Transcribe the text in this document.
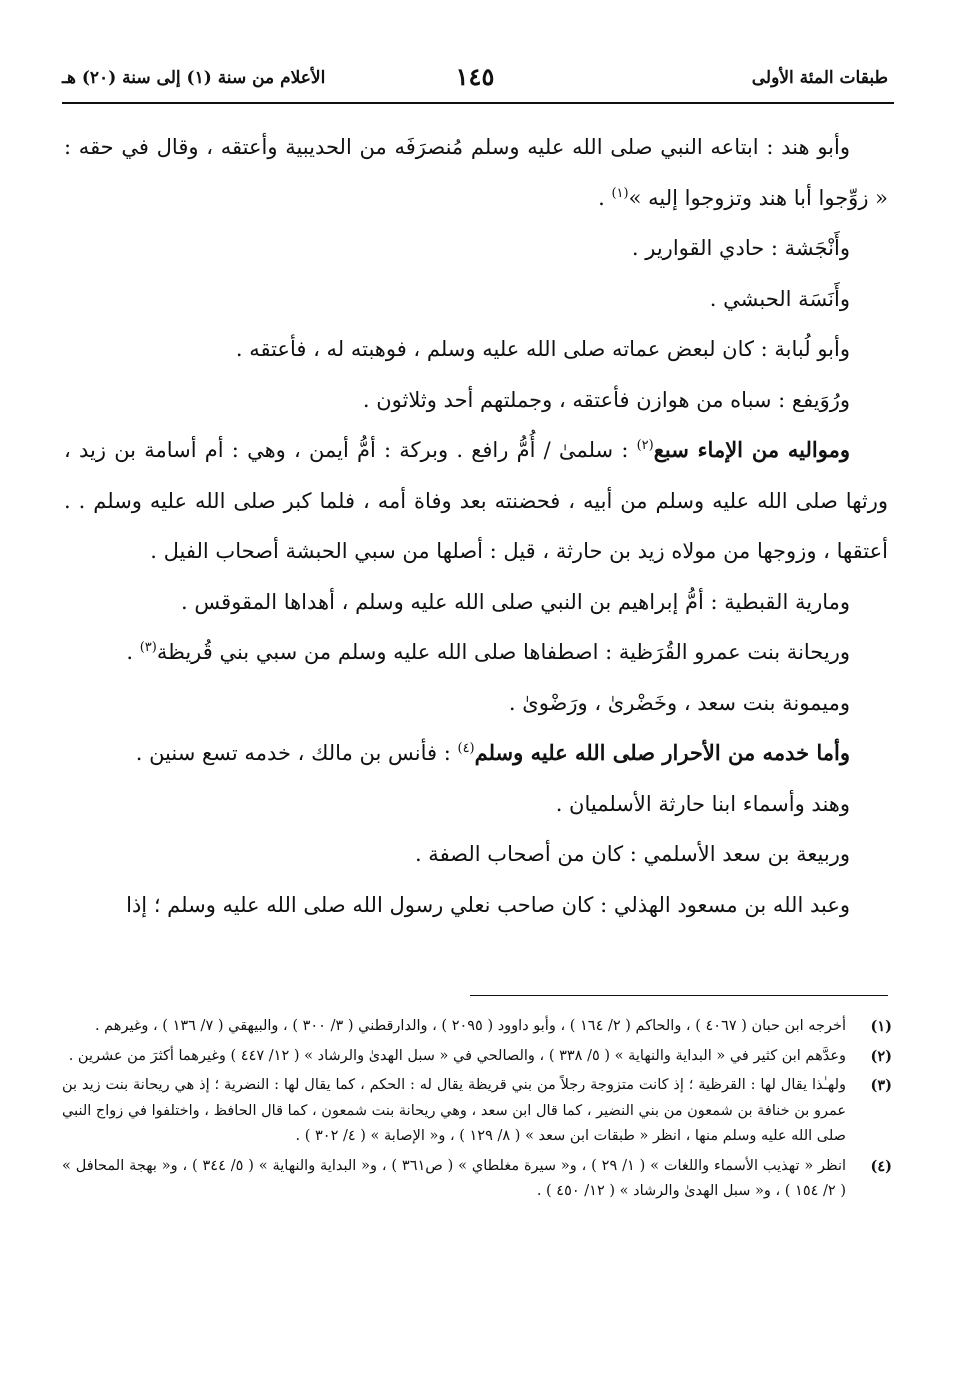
طبقات المئة الأولى
١٤٥
الأعلام من سنة (١) إلى سنة (٢٠) هـ

وأبو هند : ابتاعه النبي صلى الله عليه وسلم مُنصرَفَه من الحديبية وأعتقه ، وقال في حقه : « زوِّجوا أبا هند وتزوجوا إليه »$^{(١)}$ .

وأَنْجَشة : حادي القوارير .

وأَنَسَة الحبشي .

وأبو لُبابة : كان لبعض عماته صلى الله عليه وسلم ، فوهبته له ، فأعتقه .

ورُوَيفع : سباه من هوازن فأعتقه ، وجملتهم أحد وثلاثون .

ومواليه من الإماء سبع$^{(٢)}$ : سلمىٰ / أُمُّ رافع . وبركة : أمُّ أيمن ، وهي : أم أسامة بن زيد ، ورثها صلى الله عليه وسلم من أبيه ، فحضنته بعد وفاة أمه ، فلما كبر صلى الله عليه وسلم . . أعتقها ، وزوجها من مولاه زيد بن حارثة ، قيل : أصلها من سبي الحبشة أصحاب الفيل .

ومارية القبطية : أمُّ إبراهيم بن النبي صلى الله عليه وسلم ، أهداها المقوقس .

وريحانة بنت عمرو القُرَظية : اصطفاها صلى الله عليه وسلم من سبي بني قُريظة$^{(٣)}$ .

وميمونة بنت سعد ، وخَضْرىٰ ، ورَضْوىٰ .

وأما خدمه من الأحرار صلى الله عليه وسلم$^{(٤)}$ : فأنس بن مالك ، خدمه تسع سنين .

وهند وأسماء ابنا حارثة الأسلميان .

وربيعة بن سعد الأسلمي : كان من أصحاب الصفة .

وعبد الله بن مسعود الهذلي : كان صاحب نعلي رسول الله صلى الله عليه وسلم ؛ إذا

(١)
أخرجه ابن حبان ( ٤٠٦٧ ) ، والحاكم ( ٢/ ١٦٤ ) ، وأبو داوود ( ٢٠٩٥ ) ، والدارقطني ( ٣/ ٣٠٠ ) ، والبيهقي ( ٧/ ١٣٦ ) ، وغيرهم .
(٢)
وعدَّهم ابن كثير في « البداية والنهاية » ( ٥/ ٣٣٨ ) ، والصالحي في « سبل الهدىٰ والرشاد » ( ١٢/ ٤٤٧ ) وغيرهما أكثرَ من عشرين .
(٣)
ولهـٰذا يقال لها : القرظية ؛ إذ كانت متزوجة رجلاً من بني قريظة يقال له : الحكم ، كما يقال لها : النضرية ؛ إذ هي ريحانة بنت زيد بن عمرو بن خنافة بن شمعون من بني النضير ، كما قال ابن سعد ، وهي ريحانة بنت شمعون ، كما قال الحافظ ، واختلفوا في زواج النبي صلى الله عليه وسلم منها ، انظر « طبقات ابن سعد » ( ٨/ ١٢٩ ) ، و« الإصابة » ( ٤/ ٣٠٢ ) .
(٤)
انظر « تهذيب الأسماء واللغات » ( ١/ ٢٩ ) ، و« سيرة مغلطاي » ( ص٣٦١ ) ، و« البداية والنهاية » ( ٥/ ٣٤٤ ) ، و« بهجة المحافل » ( ٢/ ١٥٤ ) ، و« سبل الهدىٰ والرشاد » ( ١٢/ ٤٥٠ ) .
